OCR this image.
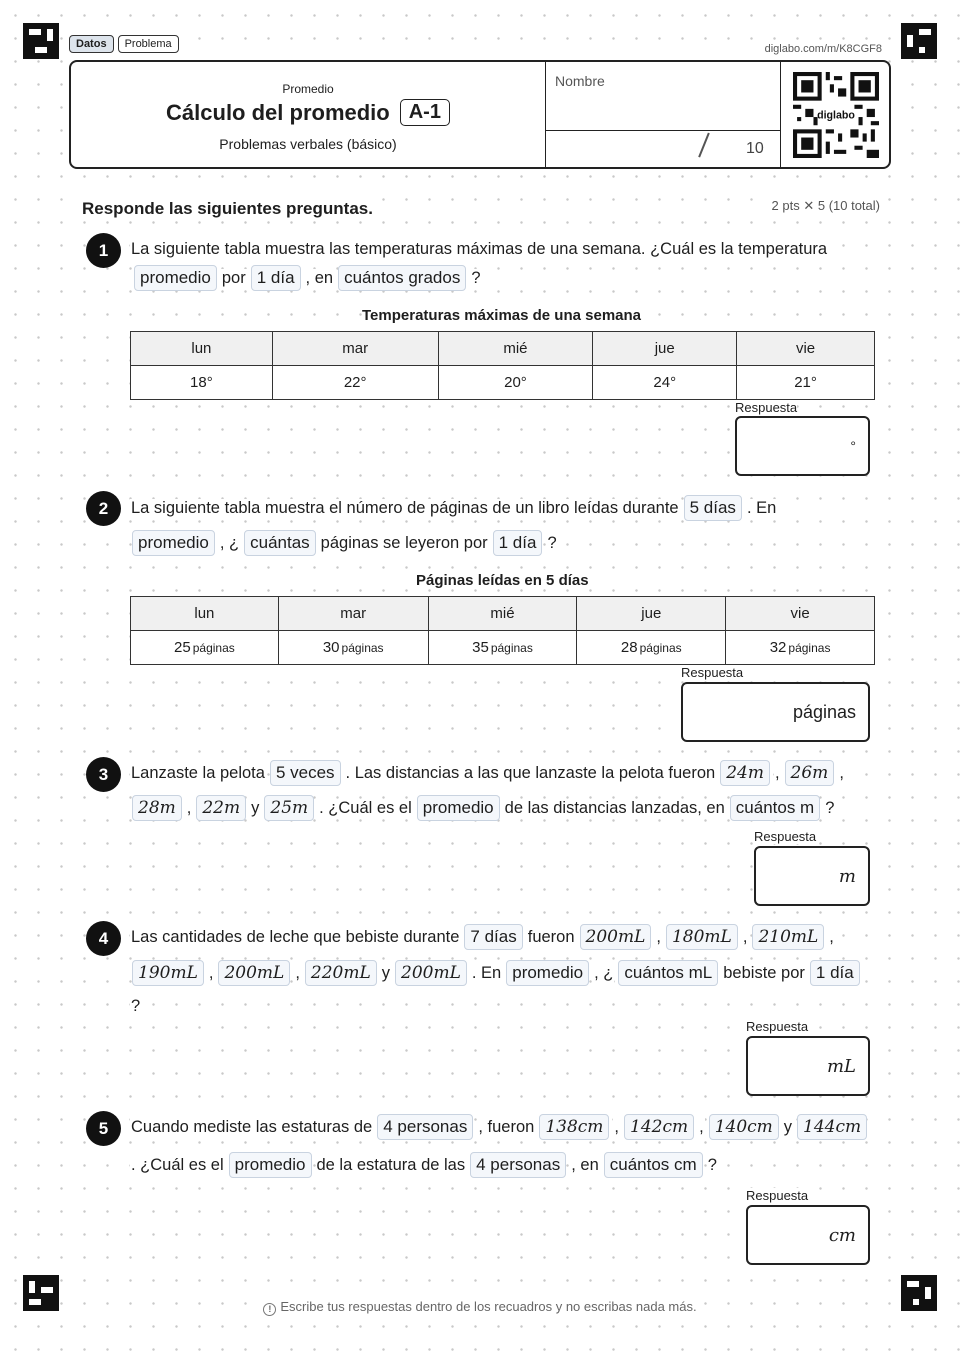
Datos	Problema	diglabo.com/m/K8CGF8
Promedio
Cálculo del promedio A-1
Problemas verbales (básico)
Nombre
10
diglabo
Responde las siguientes preguntas.	2 pts ✕ 5 (10 total)
1	La siguiente tabla muestra las temperaturas máximas de una semana. ¿Cuál es la temperatura
promedio por 1 día , en cuántos grados ?
Temperaturas máximas de una semana
lun	mar	mié	jue	vie
18°	22°	20°	24°	21°
Respuesta
°
2	La siguiente tabla muestra el número de páginas de un libro leídas durante 5 días . En
promedio , ¿ cuántas páginas se leyeron por 1 día ?
Páginas leídas en 5 días
lun	mar	mié	jue	vie
25 páginas	30 páginas	35 páginas	28 páginas	32 páginas
Respuesta
páginas
3	Lanzaste la pelota 5 veces . Las distancias a las que lanzaste la pelota fueron 24m , 26m ,
28m , 22m y 25m . ¿Cuál es el promedio de las distancias lanzadas, en cuántos m ?
Respuesta
m
4	Las cantidades de leche que bebiste durante 7 días fueron 200mL , 180mL , 210mL ,
190mL , 200mL , 220mL y 200mL . En promedio , ¿ cuántos mL bebiste por 1 día
?
Respuesta
mL
5	Cuando mediste las estaturas de 4 personas , fueron 138cm , 142cm , 140cm y 144cm
. ¿Cuál es el promedio de la estatura de las 4 personas , en cuántos cm ?
Respuesta
cm
! Escribe tus respuestas dentro de los recuadros y no escribas nada más.
